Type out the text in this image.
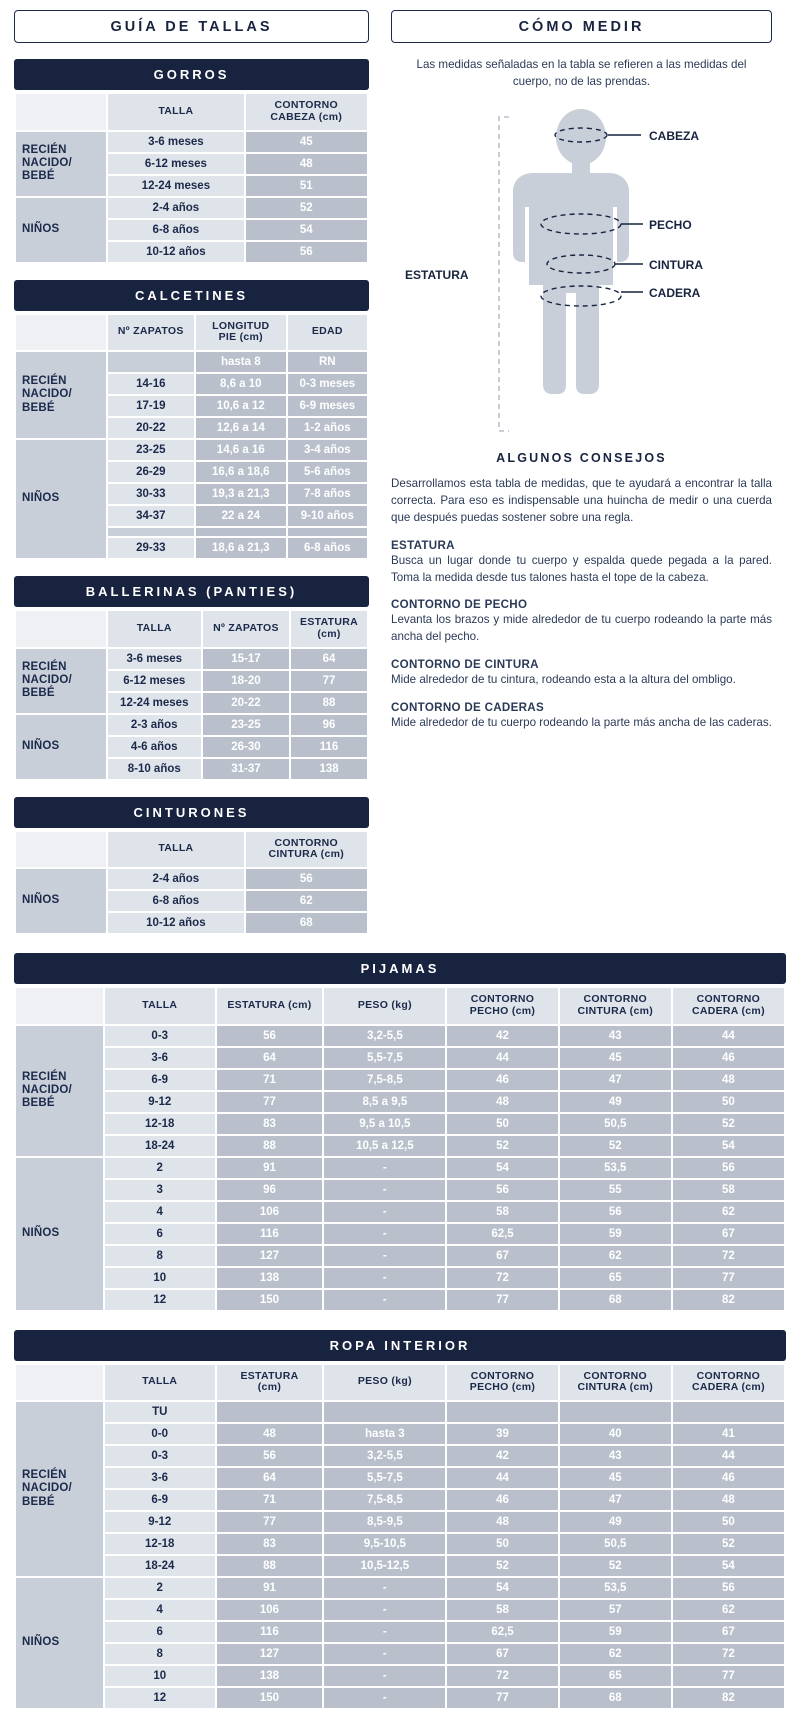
GUÍA DE TALLAS
GORROS
	TALLA	CONTORNO
CABEZA (cm)
RECIÉN
NACIDO/
BEBÉ	3-6 meses	45
	6-12 meses	48
	12-24 meses	51
NIÑOS	2-4 años	52
	6-8 años	54
	10-12 años	56
CALCETINES
	Nº ZAPATOS	LONGITUD
PIE (cm)	EDAD
RECIÉN
NACIDO/
BEBÉ		hasta 8	RN
	14-16	8,6 a 10	0-3 meses
	17-19	10,6 a 12	6-9 meses
	20-22	12,6 a 14	1-2 años
NIÑOS	23-25	14,6 a 16	3-4 años
	26-29	16,6 a 18,6	5-6 años
	30-33	19,3 a 21,3	7-8 años
	34-37	22 a 24	9-10 años

	29-33	18,6 a 21,3	6-8 años
BALLERINAS (PANTIES)
	TALLA	Nº ZAPATOS	ESTATURA
(cm)
RECIÉN
NACIDO/
BEBÉ	3-6 meses	15-17	64
	6-12 meses	18-20	77
	12-24 meses	20-22	88
NIÑOS	2-3 años	23-25	96
	4-6 años	26-30	116
	8-10 años	31-37	138
CINTURONES
	TALLA	CONTORNO
CINTURA (cm)
NIÑOS	2-4 años	56
	6-8 años	62
	10-12 años	68
CÓMO MEDIR
Las medidas señaladas en la tabla se refieren a las medidas del cuerpo, no de las prendas.
CABEZA
PECHO
CINTURA
CADERA
ESTATURA
ALGUNOS CONSEJOS
Desarrollamos esta tabla de medidas, que te ayudará a encontrar la talla correcta. Para eso es indispensable una huincha de medir o una cuerda que después puedas sostener sobre una regla.
ESTATURA

Busca un lugar donde tu cuerpo y espalda quede pegada a la pared. Toma la medida desde tus talones hasta el tope de la cabeza.

CONTORNO DE PECHO

Levanta los brazos y mide alrededor de tu cuerpo rodeando la parte más ancha del pecho.

CONTORNO DE CINTURA

Mide alrededor de tu cintura, rodeando esta a la altura del ombligo.

CONTORNO DE CADERAS

Mide alrededor de tu cuerpo rodeando la parte más ancha de las caderas.

PIJAMAS
	TALLA	ESTATURA (cm)	PESO (kg)	CONTORNO
PECHO (cm)	CONTORNO
CINTURA (cm)	CONTORNO
CADERA (cm)
RECIÉN
NACIDO/
BEBÉ	0-3	56	3,2-5,5	42	43	44
	3-6	64	5,5-7,5	44	45	46
	6-9	71	7,5-8,5	46	47	48
	9-12	77	8,5 a 9,5	48	49	50
	12-18	83	9,5 a 10,5	50	50,5	52
	18-24	88	10,5 a 12,5	52	52	54
NIÑOS	2	91	-	54	53,5	56
	3	96	-	56	55	58
	4	106	-	58	56	62
	6	116	-	62,5	59	67
	8	127	-	67	62	72
	10	138	-	72	65	77
	12	150	-	77	68	82
ROPA INTERIOR
	TALLA	ESTATURA
(cm)	PESO (kg)	CONTORNO
PECHO (cm)	CONTORNO
CINTURA (cm)	CONTORNO
CADERA (cm)
RECIÉN
NACIDO/
BEBÉ	TU					
	0-0	48	hasta 3	39	40	41
	0-3	56	3,2-5,5	42	43	44
	3-6	64	5,5-7,5	44	45	46
	6-9	71	7,5-8,5	46	47	48
	9-12	77	8,5-9,5	48	49	50
	12-18	83	9,5-10,5	50	50,5	52
	18-24	88	10,5-12,5	52	52	54
NIÑOS	2	91	-	54	53,5	56
	4	106	-	58	57	62
	6	116	-	62,5	59	67
	8	127	-	67	62	72
	10	138	-	72	65	77
	12	150	-	77	68	82
